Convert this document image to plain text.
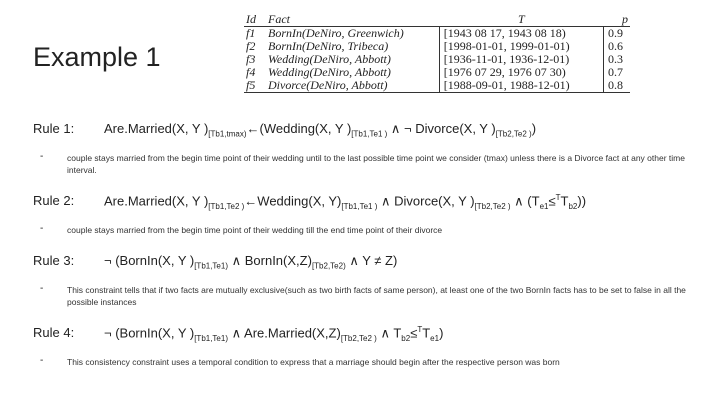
Example 1
Id	Fact	T	p
f1	BornIn(DeNiro, Greenwich)	[1943 08 17, 1943 08 18)	0.9
f2	BornIn(DeNiro, Tribeca)	[1998-01-01, 1999-01-01)	0.6
f3	Wedding(DeNiro, Abbott)	[1936-11-01, 1936-12-01)	0.3
f4	Wedding(DeNiro, Abbott)	[1976 07 29, 1976 07 30)	0.7
f5	Divorce(DeNiro, Abbott)	[1988-09-01, 1988-12-01)	0.8
Rule 1: Are.Married(X, Y )$_{[Tb1,tmax)}\leftarrow(Wedding(X$, Y )$_{[Tb1,Te1 )}$ ∧ ¬ Divorce(X, Y )$_{[Tb2,Te2 )}$)
-	couple stays married from the begin time point of their wedding until to the last possible time point we consider (tmax) unless there is a Divorce fact at any other time interval.
Rule 2: Are.Married(X, Y )$_{[Tb1,Te2 )}\leftarrow Wedding(X$, $Y)_{[Tb1,Te1 )}$ ∧ Divorce(X, Y )$_{[Tb2,Te2 )}$ ∧ $(T_{e1}\le^TT_{b2})$)
-	couple stays married from the begin time point of their wedding till the end time point of their divorce
Rule 3: ¬ (BornIn(X, Y )$_{[Tb1,Te1)}$ ∧ $BornIn(X,Z)_{[Tb2,Te2)}$ ∧ Y ≠ Z)
-	This constraint tells that if two facts are mutually exclusive(such as two birth facts of same person), at least one of the two BornIn facts has to be set to false in all the possible instances
Rule 4: ¬ (BornIn(X, Y )$_{[Tb1,Te1)}$ ∧ $Are.Married(X,Z)_{[Tb2,Te2 )}$ ∧ $T_{b2}\le^TT_{e1}$)
-	This consistency constraint uses a temporal condition to express that a marriage should begin after the respective person was born
